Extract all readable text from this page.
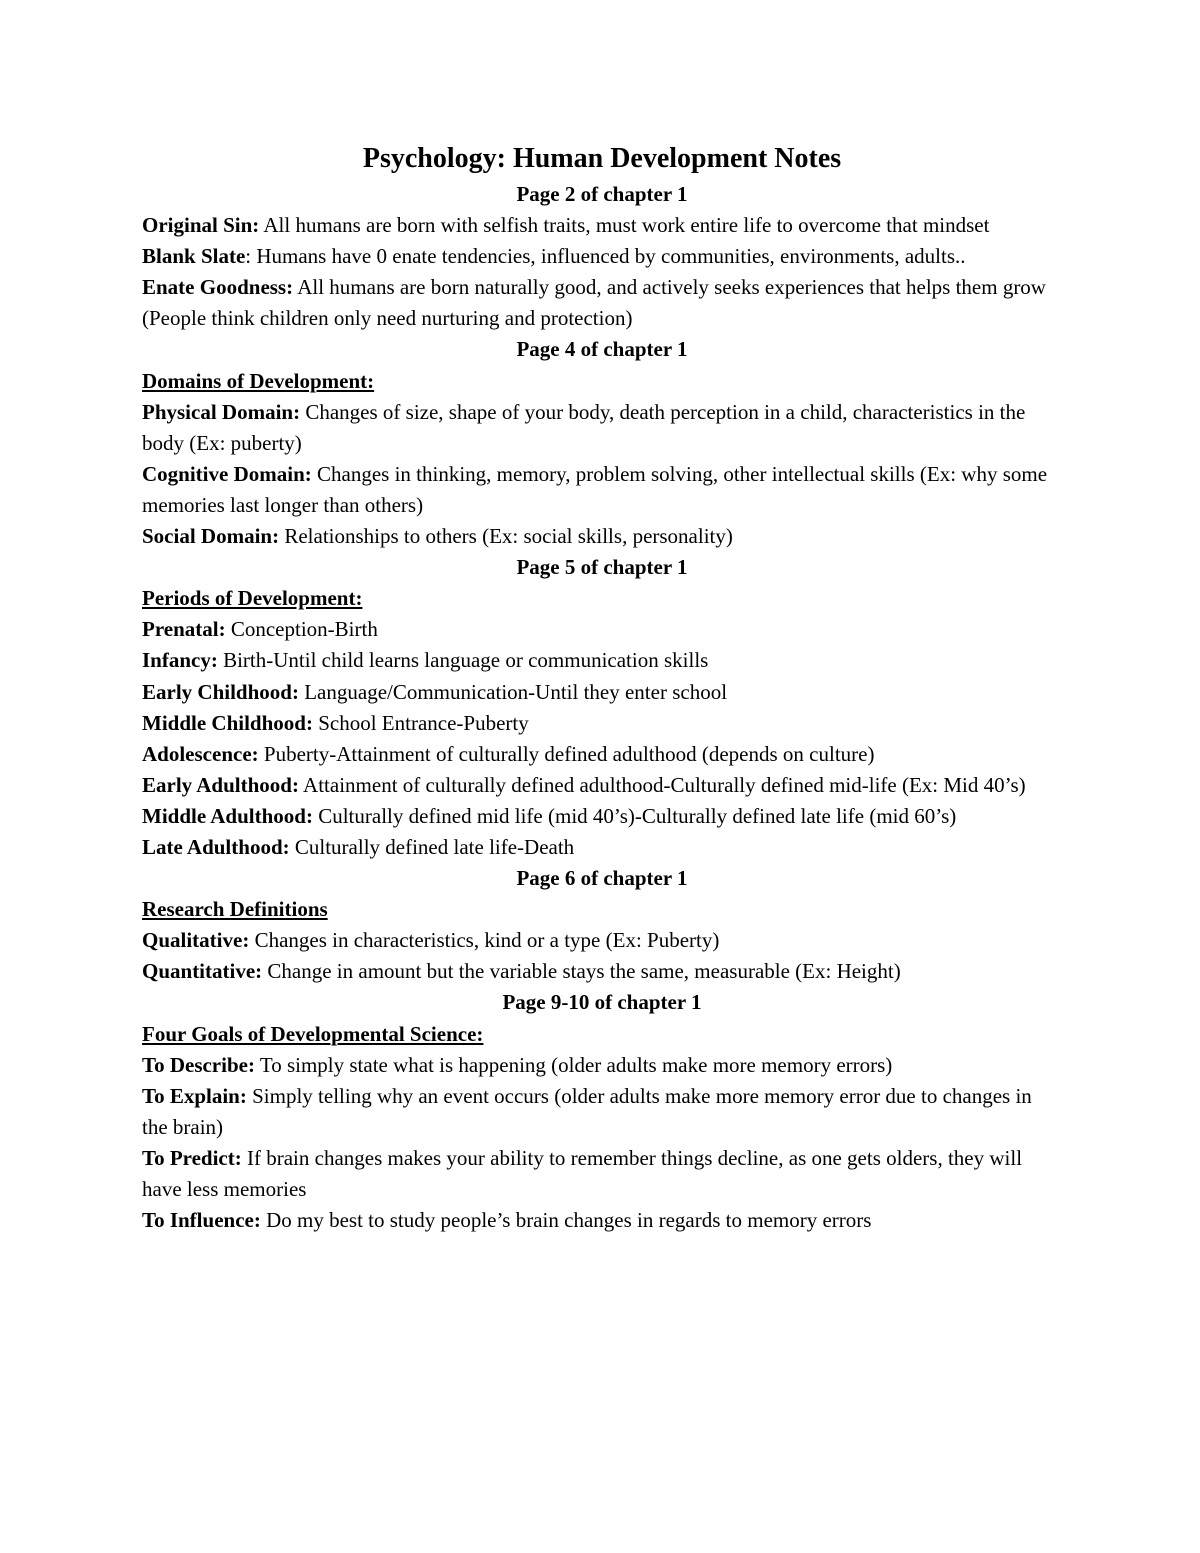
Psychology: Human Development Notes

Page 2 of chapter 1

Original Sin: All humans are born with selfish traits, must work entire life to overcome that mindset

Blank Slate: Humans have 0 enate tendencies, influenced by communities, environments, adults..

Enate Goodness: All humans are born naturally good, and actively seeks experiences that helps them grow (People think children only need nurturing and protection)

Page 4 of chapter 1

Domains of Development:

Physical Domain: Changes of size, shape of your body, death perception in a child, characteristics in the body (Ex: puberty)

Cognitive Domain: Changes in thinking, memory, problem solving, other intellectual skills (Ex: why some memories last longer than others)

Social Domain: Relationships to others (Ex: social skills, personality)

Page 5 of chapter 1

Periods of Development:

Prenatal: Conception-Birth

Infancy: Birth-Until child learns language or communication skills

Early Childhood: Language/Communication-Until they enter school

Middle Childhood: School Entrance-Puberty

Adolescence: Puberty-Attainment of culturally defined adulthood (depends on culture)

Early Adulthood: Attainment of culturally defined adulthood-Culturally defined mid-life (Ex: Mid 40’s)

Middle Adulthood: Culturally defined mid life (mid 40’s)-Culturally defined late life (mid 60’s)

Late Adulthood: Culturally defined late life-Death

Page 6 of chapter 1

Research Definitions

Qualitative: Changes in characteristics, kind or a type (Ex: Puberty)

Quantitative: Change in amount but the variable stays the same, measurable (Ex: Height)

Page 9-10 of chapter 1

Four Goals of Developmental Science:

To Describe: To simply state what is happening (older adults make more memory errors)

To Explain: Simply telling why an event occurs (older adults make more memory error due to changes in the brain)

To Predict: If brain changes makes your ability to remember things decline, as one gets olders, they will have less memories

To Influence: Do my best to study people’s brain changes in regards to memory errors
